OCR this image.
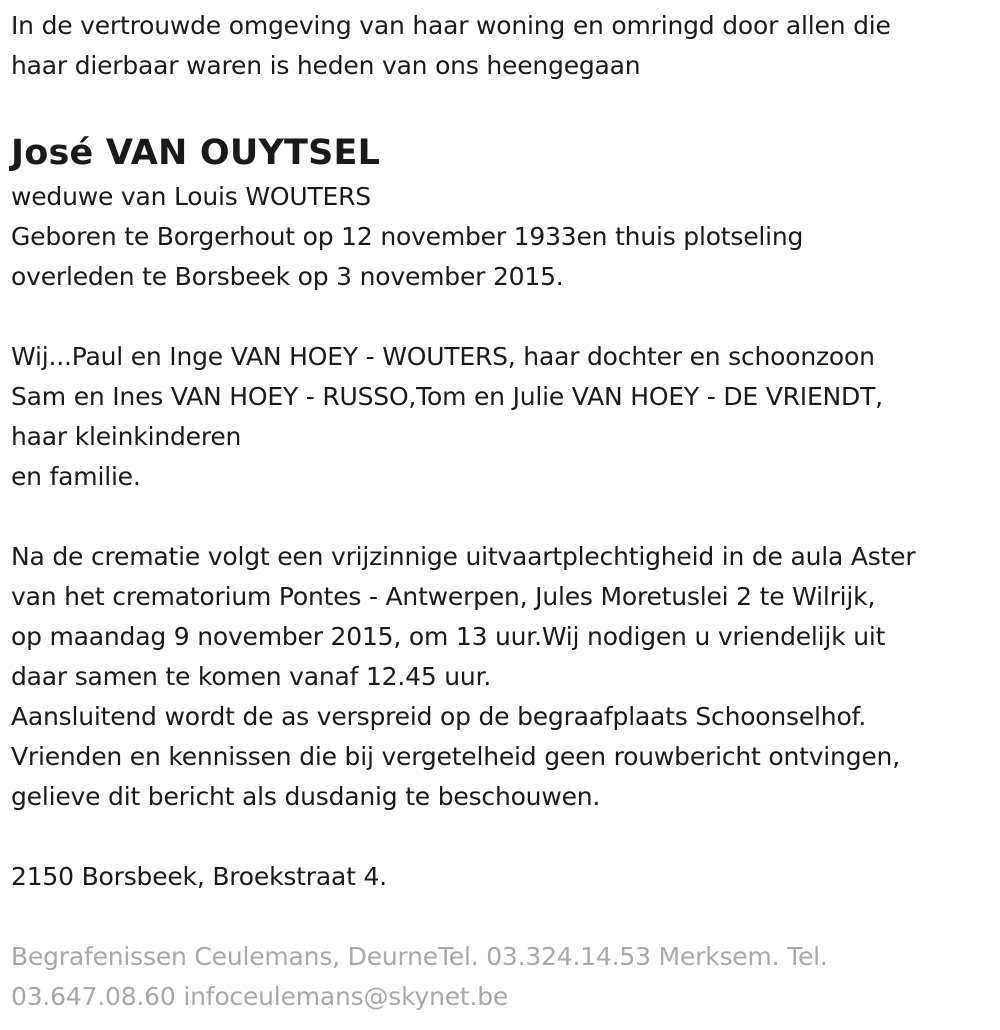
In de vertrouwde omgeving van haar woning en omringd door allen die
haar dierbaar waren is heden van ons heengegaan
José VAN OUYTSEL
weduwe van Louis WOUTERS
Geboren te Borgerhout op 12 november 1933en thuis plotseling
overleden te Borsbeek op 3 november 2015.
Wij...Paul en Inge VAN HOEY - WOUTERS, haar dochter en schoonzoon
Sam en Ines VAN HOEY - RUSSO,Tom en Julie VAN HOEY - DE VRIENDT,
haar kleinkinderen
en familie.
Na de crematie volgt een vrijzinnige uitvaartplechtigheid in de aula Aster
van het crematorium Pontes - Antwerpen, Jules Moretuslei 2 te Wilrijk,
op maandag 9 november 2015, om 13 uur.Wij nodigen u vriendelijk uit
daar samen te komen vanaf 12.45 uur.
Aansluitend wordt de as verspreid op de begraafplaats Schoonselhof.
Vrienden en kennissen die bij vergetelheid geen rouwbericht ontvingen,
gelieve dit bericht als dusdanig te beschouwen.
2150 Borsbeek, Broekstraat 4.
Begrafenissen Ceulemans, DeurneTel. 03.324.14.53 Merksem. Tel.
03.647.08.60 infoceulemans@skynet.be
